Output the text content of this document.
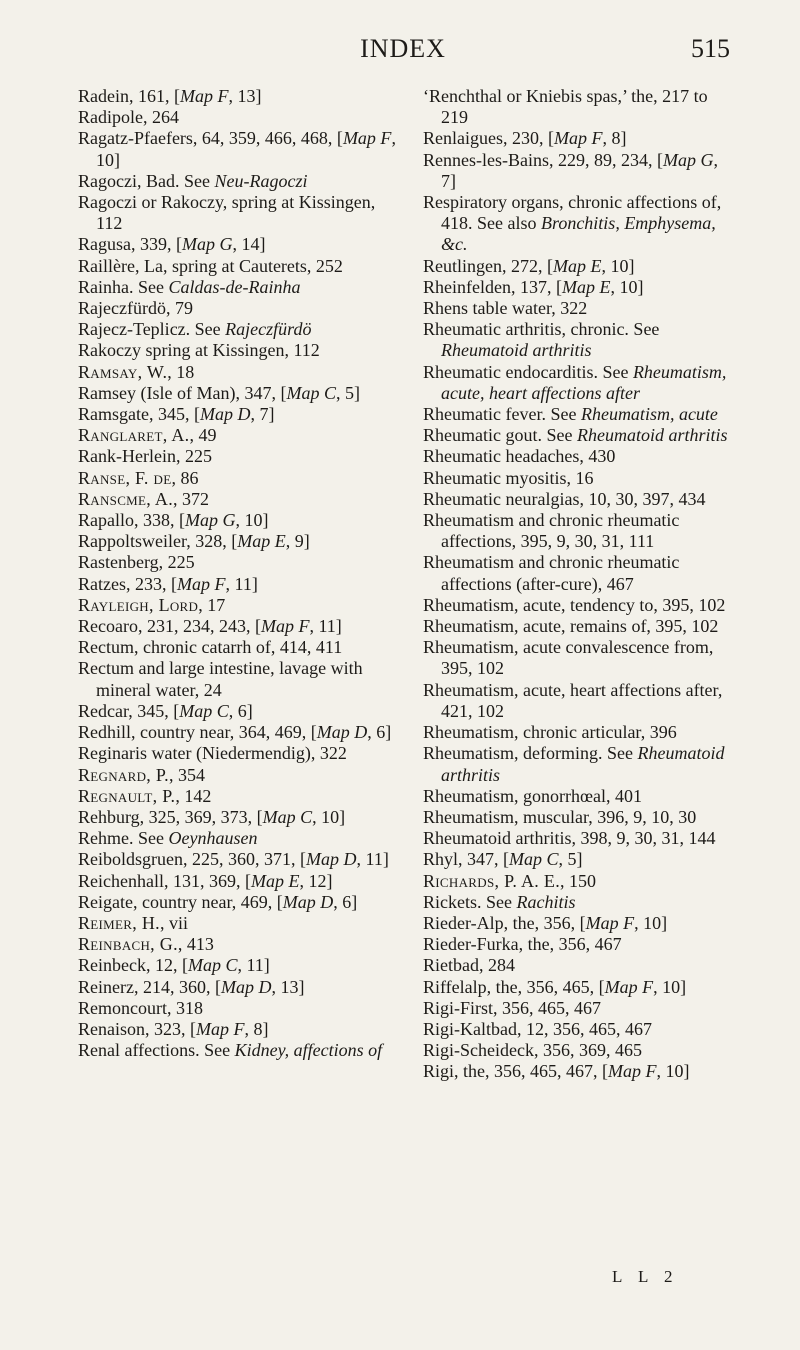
INDEX	515

Radein, 161, [Map F, 13]

Radipole, 264

Ragatz-Pfaefers, 64, 359, 466, 468, [Map F, 10]

Ragoczi, Bad. See Neu-Ragoczi

Ragoczi or Rakoczy, spring at Kissingen, 112

Ragusa, 339, [Map G, 14]

Raillère, La, spring at Cauterets, 252

Rainha. See Caldas-de-Rainha

Rajeczfürdö, 79

Rajecz-Teplicz. See Rajeczfürdö

Rakoczy spring at Kissingen, 112

Ramsay, W., 18

Ramsey (Isle of Man), 347, [Map C, 5]

Ramsgate, 345, [Map D, 7]

Ranglaret, A., 49

Rank-Herlein, 225

Ranse, F. de, 86

Ranscme, A., 372

Rapallo, 338, [Map G, 10]

Rappoltsweiler, 328, [Map E, 9]

Rastenberg, 225

Ratzes, 233, [Map F, 11]

Rayleigh, Lord, 17

Recoaro, 231, 234, 243, [Map F, 11]

Rectum, chronic catarrh of, 414, 411

Rectum and large intestine, lavage with mineral water, 24

Redcar, 345, [Map C, 6]

Redhill, country near, 364, 469, [Map D, 6]

Reginaris water (Niedermendig), 322

Regnard, P., 354

Regnault, P., 142

Rehburg, 325, 369, 373, [Map C, 10]

Rehme. See Oeynhausen

Reiboldsgruen, 225, 360, 371, [Map D, 11]

Reichenhall, 131, 369, [Map E, 12]

Reigate, country near, 469, [Map D, 6]

Reimer, H., vii

Reinbach, G., 413

Reinbeck, 12, [Map C, 11]

Reinerz, 214, 360, [Map D, 13]

Remoncourt, 318

Renaison, 323, [Map F, 8]

Renal affections. See Kidney, affections of

‘Renchthal or Kniebis spas,’ the, 217 to 219

Renlaigues, 230, [Map F, 8]

Rennes-les-Bains, 229, 89, 234, [Map G, 7]

Respiratory organs, chronic affections of, 418. See also Bronchitis, Emphysema, &c.

Reutlingen, 272, [Map E, 10]

Rheinfelden, 137, [Map E, 10]

Rhens table water, 322

Rheumatic arthritis, chronic. See Rheumatoid arthritis

Rheumatic endocarditis. See Rheumatism, acute, heart affections after

Rheumatic fever. See Rheumatism, acute

Rheumatic gout. See Rheumatoid arthritis

Rheumatic headaches, 430

Rheumatic myositis, 16

Rheumatic neuralgias, 10, 30, 397, 434

Rheumatism and chronic rheumatic affections, 395, 9, 30, 31, 111

Rheumatism and chronic rheumatic affections (after-cure), 467

Rheumatism, acute, tendency to, 395, 102

Rheumatism, acute, remains of, 395, 102

Rheumatism, acute convalescence from, 395, 102

Rheumatism, acute, heart affections after, 421, 102

Rheumatism, chronic articular, 396

Rheumatism, deforming. See Rheumatoid arthritis

Rheumatism, gonorrhœal, 401

Rheumatism, muscular, 396, 9, 10, 30

Rheumatoid arthritis, 398, 9, 30, 31, 144

Rhyl, 347, [Map C, 5]

Richards, P. A. E., 150

Rickets. See Rachitis

Rieder-Alp, the, 356, [Map F, 10]

Rieder-Furka, the, 356, 467

Rietbad, 284

Riffelalp, the, 356, 465, [Map F, 10]

Rigi-First, 356, 465, 467

Rigi-Kaltbad, 12, 356, 465, 467

Rigi-Scheideck, 356, 369, 465

Rigi, the, 356, 465, 467, [Map F, 10]

L L 2
